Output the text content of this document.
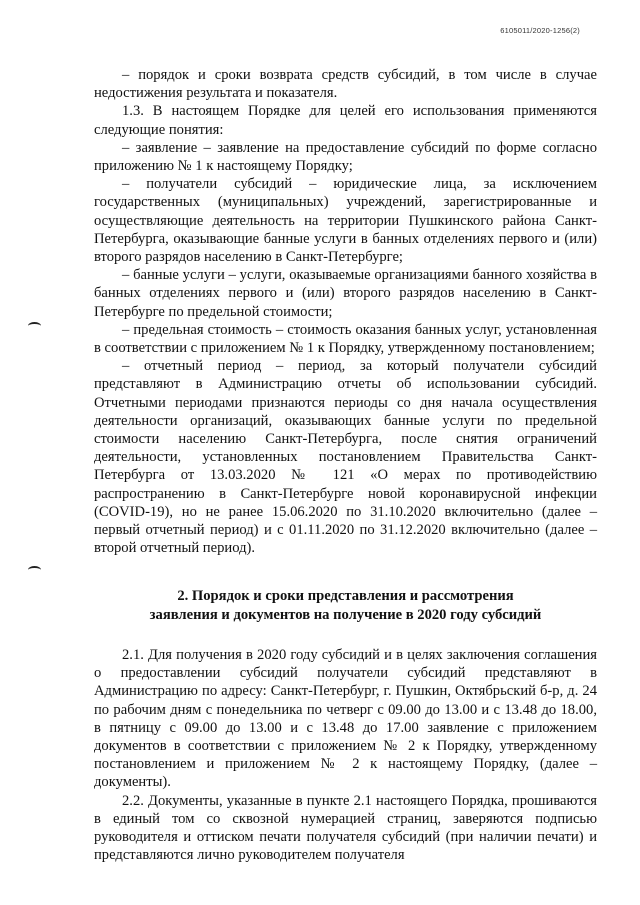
6105011/2020-1256(2)

– порядок и сроки возврата средств субсидий, в том числе в случае недостижения результата и показателя.

1.3. В настоящем Порядке для целей его использования применяются следующие понятия:

– заявление – заявление на предоставление субсидий по форме согласно приложению № 1 к настоящему Порядку;

– получатели субсидий – юридические лица, за исключением государственных (муниципальных) учреждений, зарегистрированные и осуществляющие деятельность на территории Пушкинского района Санкт-Петербурга, оказывающие банные услуги в банных отделениях первого и (или) второго разрядов населению в Санкт-Петербурге;

– банные услуги – услуги, оказываемые организациями банного хозяйства в банных отделениях первого и (или) второго разрядов населению в Санкт-Петербурге по предельной стоимости;

– предельная стоимость – стоимость оказания банных услуг, установленная в соответствии с приложением № 1 к Порядку, утвержденному постановлением;

– отчетный период – период, за который получатели субсидий представляют в Администрацию отчеты об использовании субсидий. Отчетными периодами признаются периоды со дня начала осуществления деятельности организаций, оказывающих банные услуги по предельной стоимости населению Санкт-Петербурга, после снятия ограничений деятельности, установленных постановлением Правительства Санкт-Петербурга от 13.03.2020 № 121 «О мерах по противодействию распространению в Санкт-Петербурге новой коронавирусной инфекции (COVID-19), но не ранее 15.06.2020 по 31.10.2020 включительно (далее – первый отчетный период) и с 01.11.2020 по 31.12.2020 включительно (далее – второй отчетный период).

2. Порядок и сроки представления и рассмотрения

заявления и документов на получение в 2020 году субсидий

2.1. Для получения в 2020 году субсидий и в целях заключения соглашения о предоставлении субсидий получатели субсидий представляют в Администрацию по адресу: Санкт-Петербург, г. Пушкин, Октябрьский б-р, д. 24 по рабочим дням с понедельника по четверг с 09.00 до 13.00 и с 13.48 до 18.00, в пятницу с 09.00 до 13.00 и с 13.48 до 17.00 заявление с приложением документов в соответствии с приложением № 2 к Порядку, утвержденному постановлением и приложением № 2 к настоящему Порядку, (далее – документы).

2.2. Документы, указанные в пункте 2.1 настоящего Порядка, прошиваются в единый том со сквозной нумерацией страниц, заверяются подписью руководителя и оттиском печати получателя субсидий (при наличии печати) и представляются лично руководителем получателя
